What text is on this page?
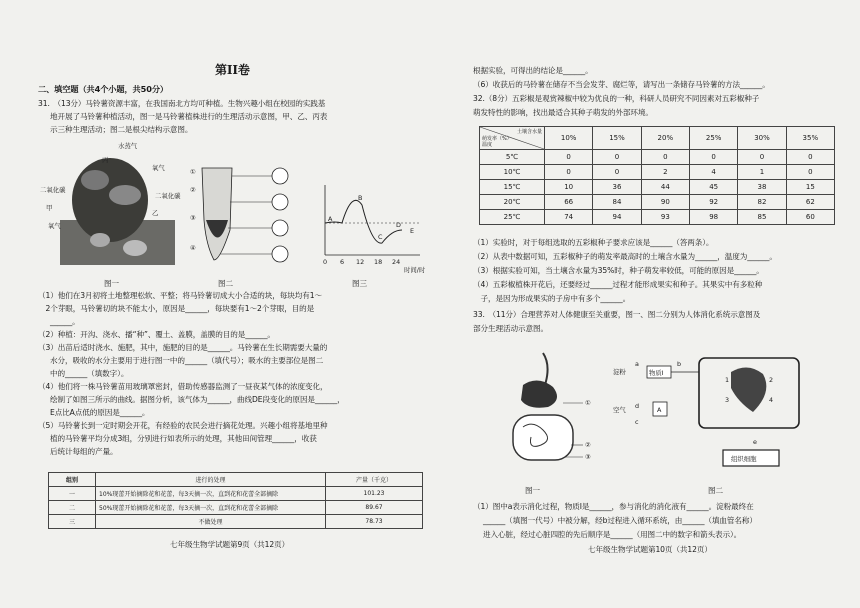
第II卷
二、填空题（共4个小题，共50分）
31.　（13分）马铃薯资源丰富，在我国南北方均可种植。生物兴趣小组在校园的实践基
地开展了马铃薯种植活动，图一是马铃薯植株进行的生理活动示意图，甲、乙、丙表
示三种生理活动；图二是根尖结构示意图。
水蒸气
丙
二氧化碳
甲
氧气
二氧化碳
氧气
乙
图一
①
②
③
④
图二
B
C
A
D
E
0 6 12 18 24
时间/时
图三
（1）他们在3月初将土地整理松软、平整；将马铃薯切成大小合适的块，每块均有1～
　2个芽眼，马铃薯切的块不能太小，原因是______，每块要有1～2个芽眼，目的是
______。
（2）种植：开沟、浇水、播“种”、覆土、盖膜，盖膜的目的是______。
（3）出苗后适时浇水、施肥，其中，施肥的目的是______。马铃薯在生长期需要大量的
水分，吸收的水分主要用于进行图一中的______（填代号）；吸水的主要部位是图二
中的______（填数字）。
（4）他们将一株马铃薯苗用玻璃罩密封，借助传感器监测了一昼夜某气体的浓度变化，
绘制了如图三所示的曲线。据图分析，该气体为______，曲线DE段变化的原因是______，
E点比A点低的原因是______。
（5）马铃薯长到一定时期会开花，有经验的农民会进行摘花处理。兴趣小组将基地里种
植的马铃薯平均分成3组，分别进行如表所示的处理，其他田间管理______，收获
后统计每组的产量。
组别	进行的处理	产量（千克）
一	10%现蕾开始摘除花和花蕾，每3天摘一次，直到花和花蕾全部摘除	101.23
二	50%现蕾开始摘除花和花蕾，每3天摘一次，直到花和花蕾全部摘除	89.67
三	不做处理	78.73
七年级生物学试题第9页（共12页）
根据实验，可得出的结论是______。
（6）收获后的马铃薯在储存不当会发芽、腐烂等，请写出一条储存马铃薯的方法______。
32.（8分）五彩椒是观赏辣椒中较为优良的一种，科研人员研究不同因素对五彩椒种子
萌发特性的影响，找出最适合其种子萌发的外部环境。
土壤含水量
萌发率（%）
温度	10%	15%	20%	25%	30%	35%
5℃	0	0	0	0	0	0
10℃	0	0	2	4	1	0
15℃	10	36	44	45	38	15
20℃	66	84	90	92	82	62
25℃	74	94	93	98	85	60
（1）实验时，对于每组选取的五彩椒种子要求应该是______（答两条）。
（2）从表中数据可知，五彩椒种子的萌发率最高时的土壤含水量为______，温度为______。
（3）根据实验可知，当土壤含水量为35%时，种子萌发率较低，可能的原因是______。
（4）五彩椒植株开花后，还要经过______过程才能形成果实和种子。其果实中有多粒种
　子，是因为形成果实的子房中有多个______。
33.　（11分）合理营养对人体健康至关重要，图一、图二分别为人体消化系统示意图及
部分生理活动示意图。
①
②
③
图一
淀粉
a
物质I
b
空气 d	A
c
1	2
3	4
e
组织细胞
图二
（1）图中a表示消化过程，物质I是______，参与消化的消化液有______。淀粉最终在
______（填图一代号）中被分解，经b过程进入循环系统，由______（填血管名称）
进入心脏，经过心脏四腔的先后顺序是______（用图二中的数字和箭头表示）。
七年级生物学试题第10页（共12页）
